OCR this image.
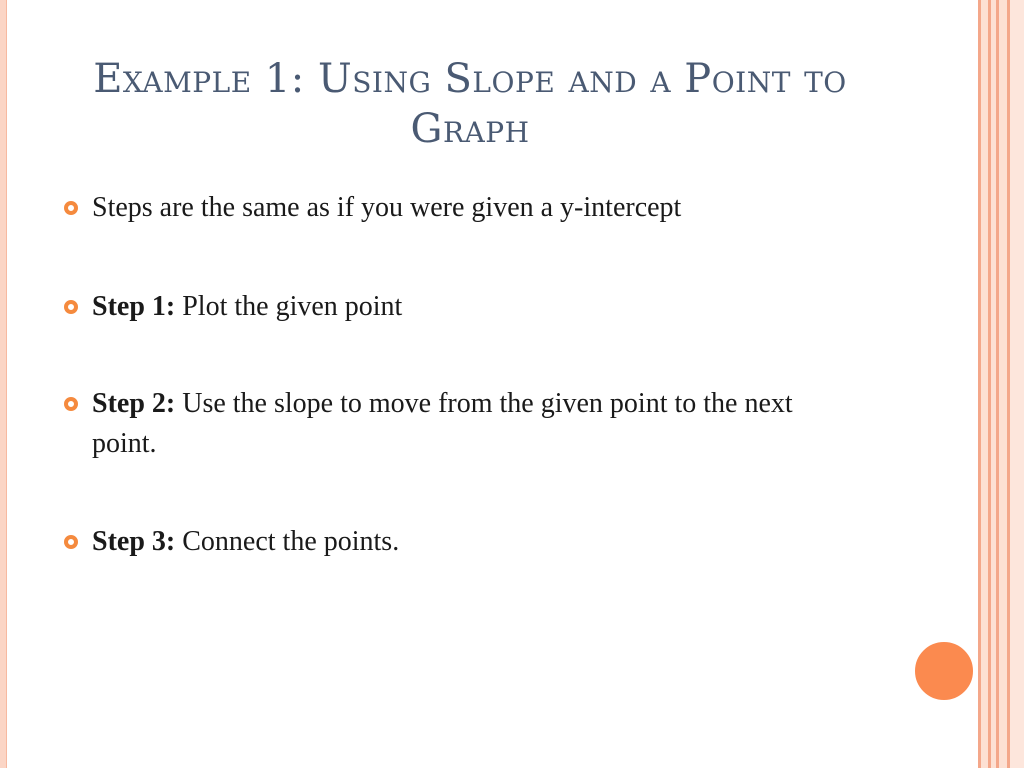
Example 1: Using Slope and a Point to Graph
Steps are the same as if you were given a y-intercept
Step 1: Plot the given point
Step 2: Use the slope to move from the given point to the next point.
Step 3: Connect the points.
